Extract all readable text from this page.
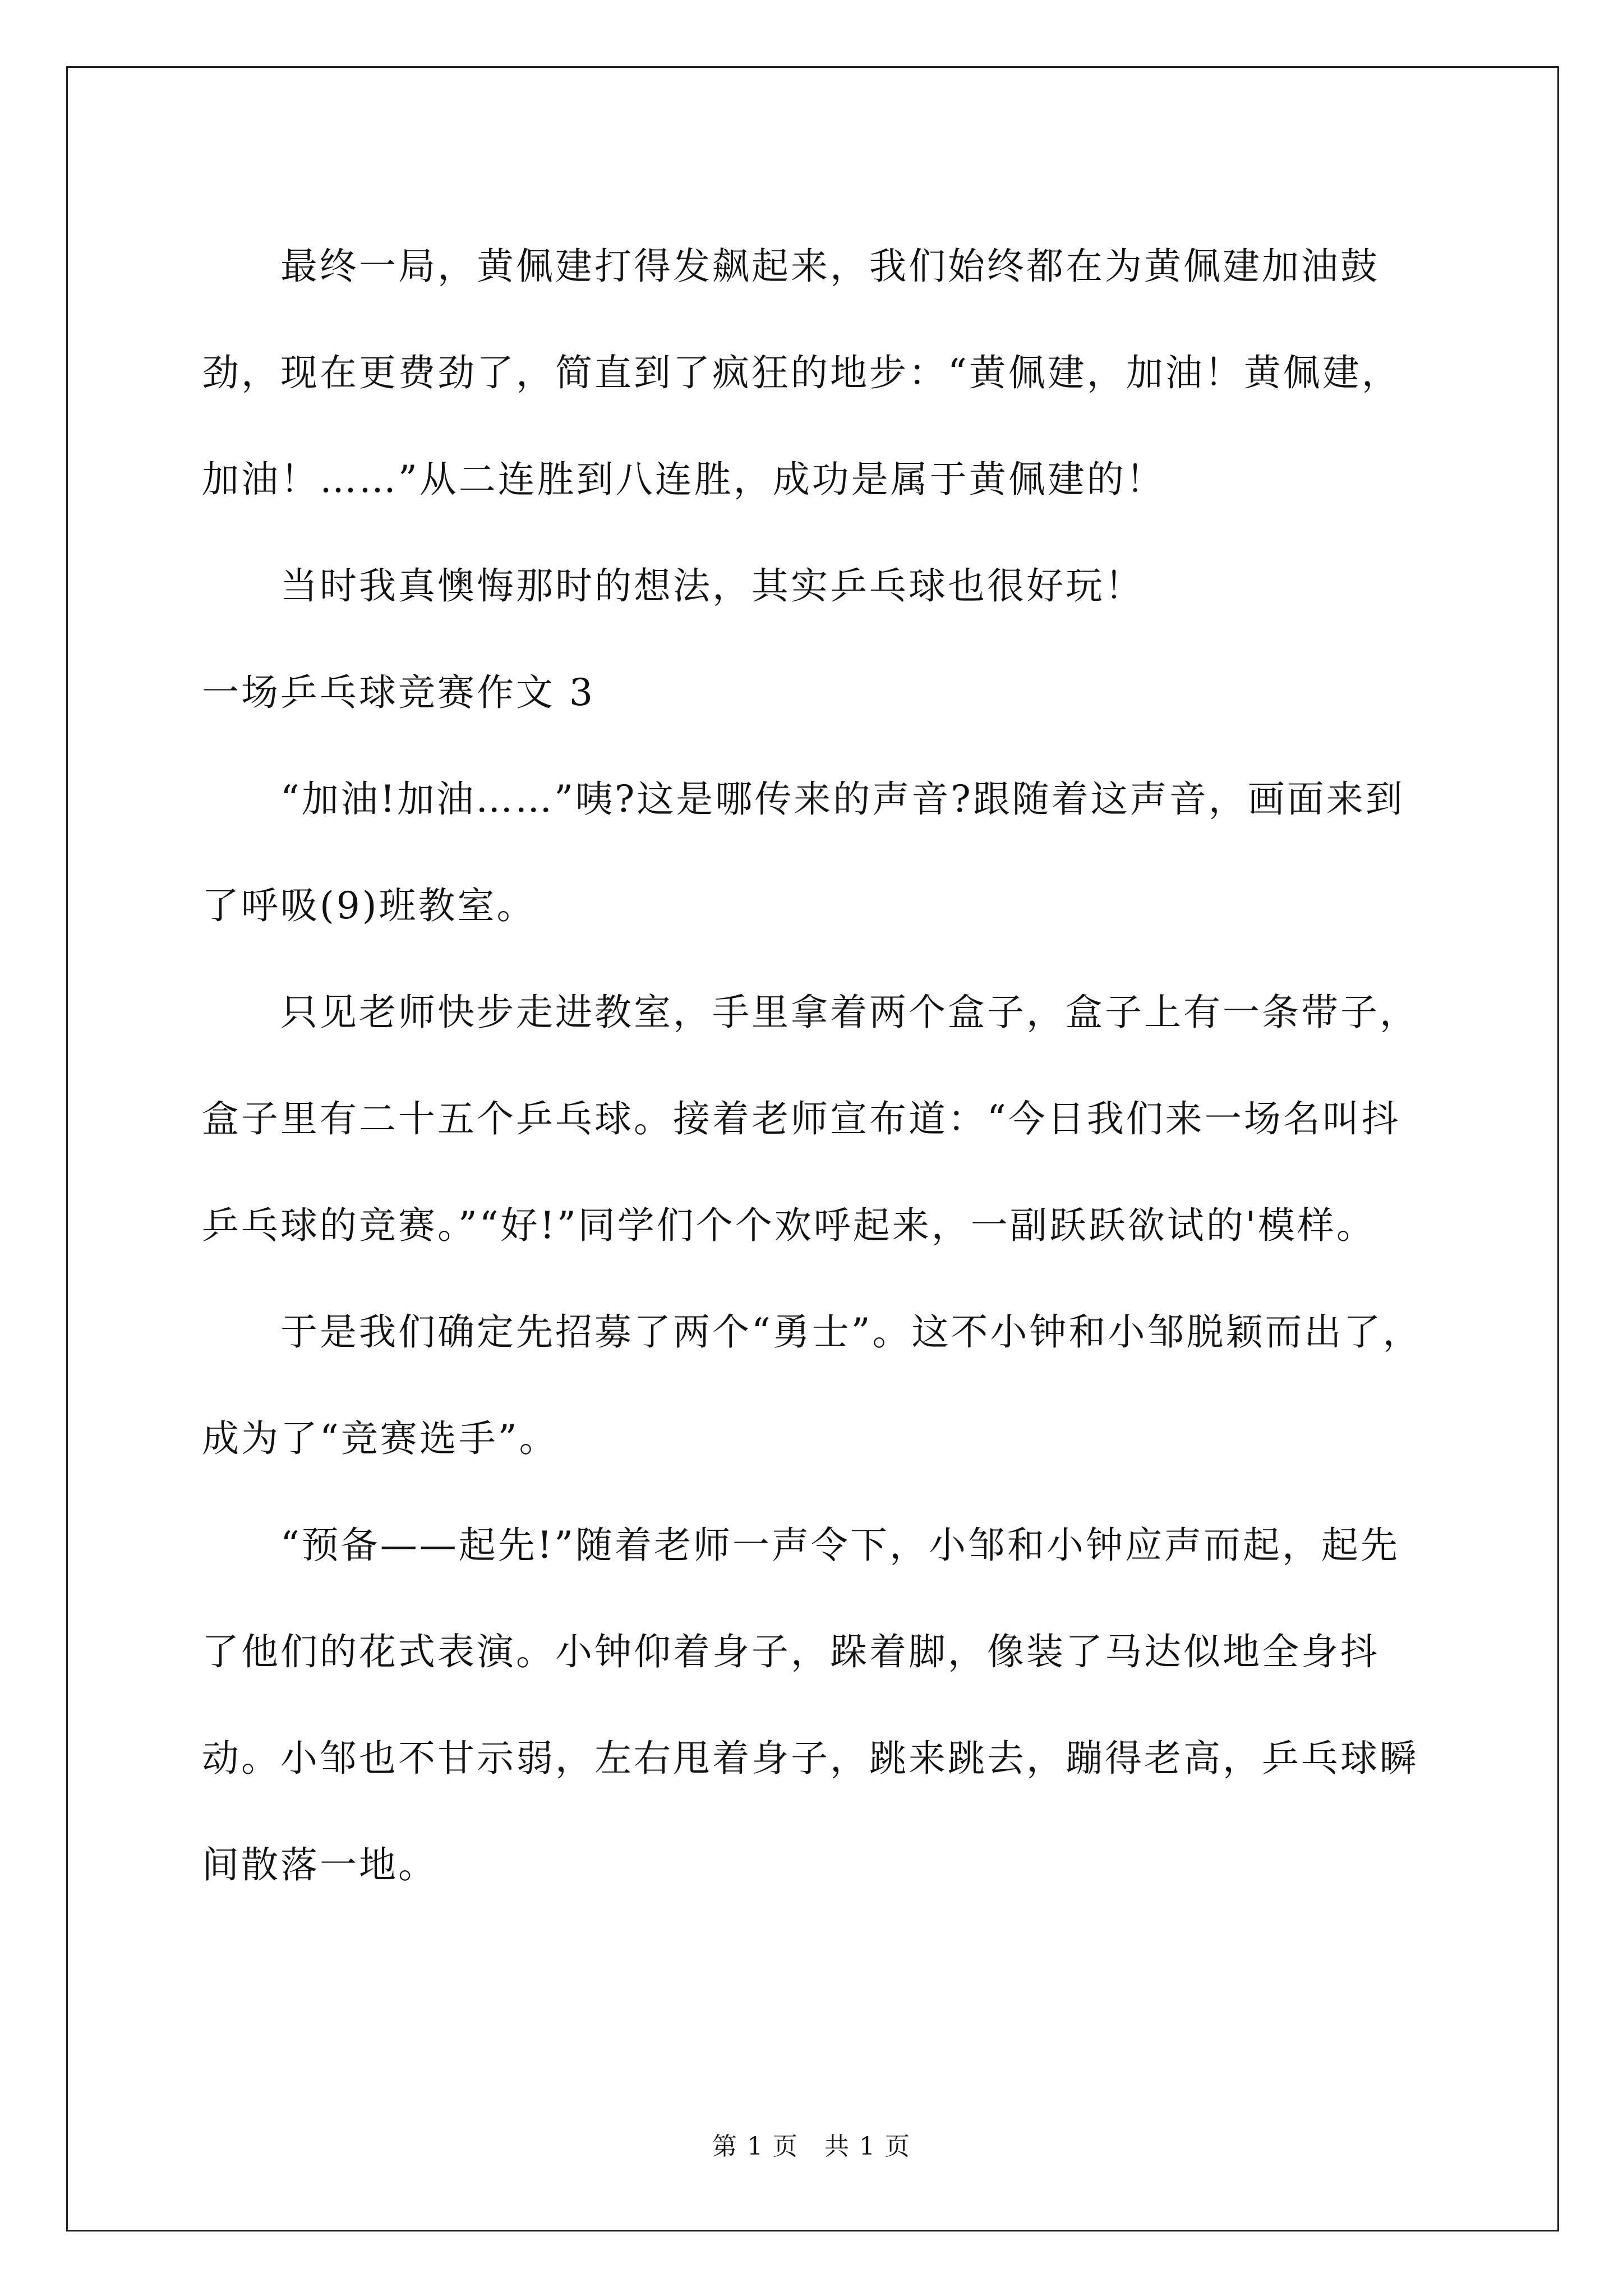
最终一局，黄佩建打得发飙起来，我们始终都在为黄佩建加油鼓劲，现在更费劲了，简直到了疯狂的地步：“黄佩建，加油！黄佩建，加油！……”从二连胜到八连胜，成功是属于黄佩建的！

当时我真懊悔那时的想法，其实乒乓球也很好玩！

一场乒乓球竞赛作文 3

“加油!加油……”咦?这是哪传来的声音?跟随着这声音，画面来到了呼吸(9)班教室。

只见老师快步走进教室，手里拿着两个盒子，盒子上有一条带子，盒子里有二十五个乒乓球。接着老师宣布道：“今日我们来一场名叫抖乒乓球的竞赛。”“好!”同学们个个欢呼起来，一副跃跃欲试的'模样。

于是我们确定先招募了两个“勇士”。这不小钟和小邹脱颖而出了，成为了“竞赛选手”。

“预备——起先!”随着老师一声令下，小邹和小钟应声而起，起先了他们的花式表演。小钟仰着身子，跺着脚，像装了马达似地全身抖动。小邹也不甘示弱，左右甩着身子，跳来跳去，蹦得老高，乒乓球瞬间散落一地。

第 1 页 共 1 页
